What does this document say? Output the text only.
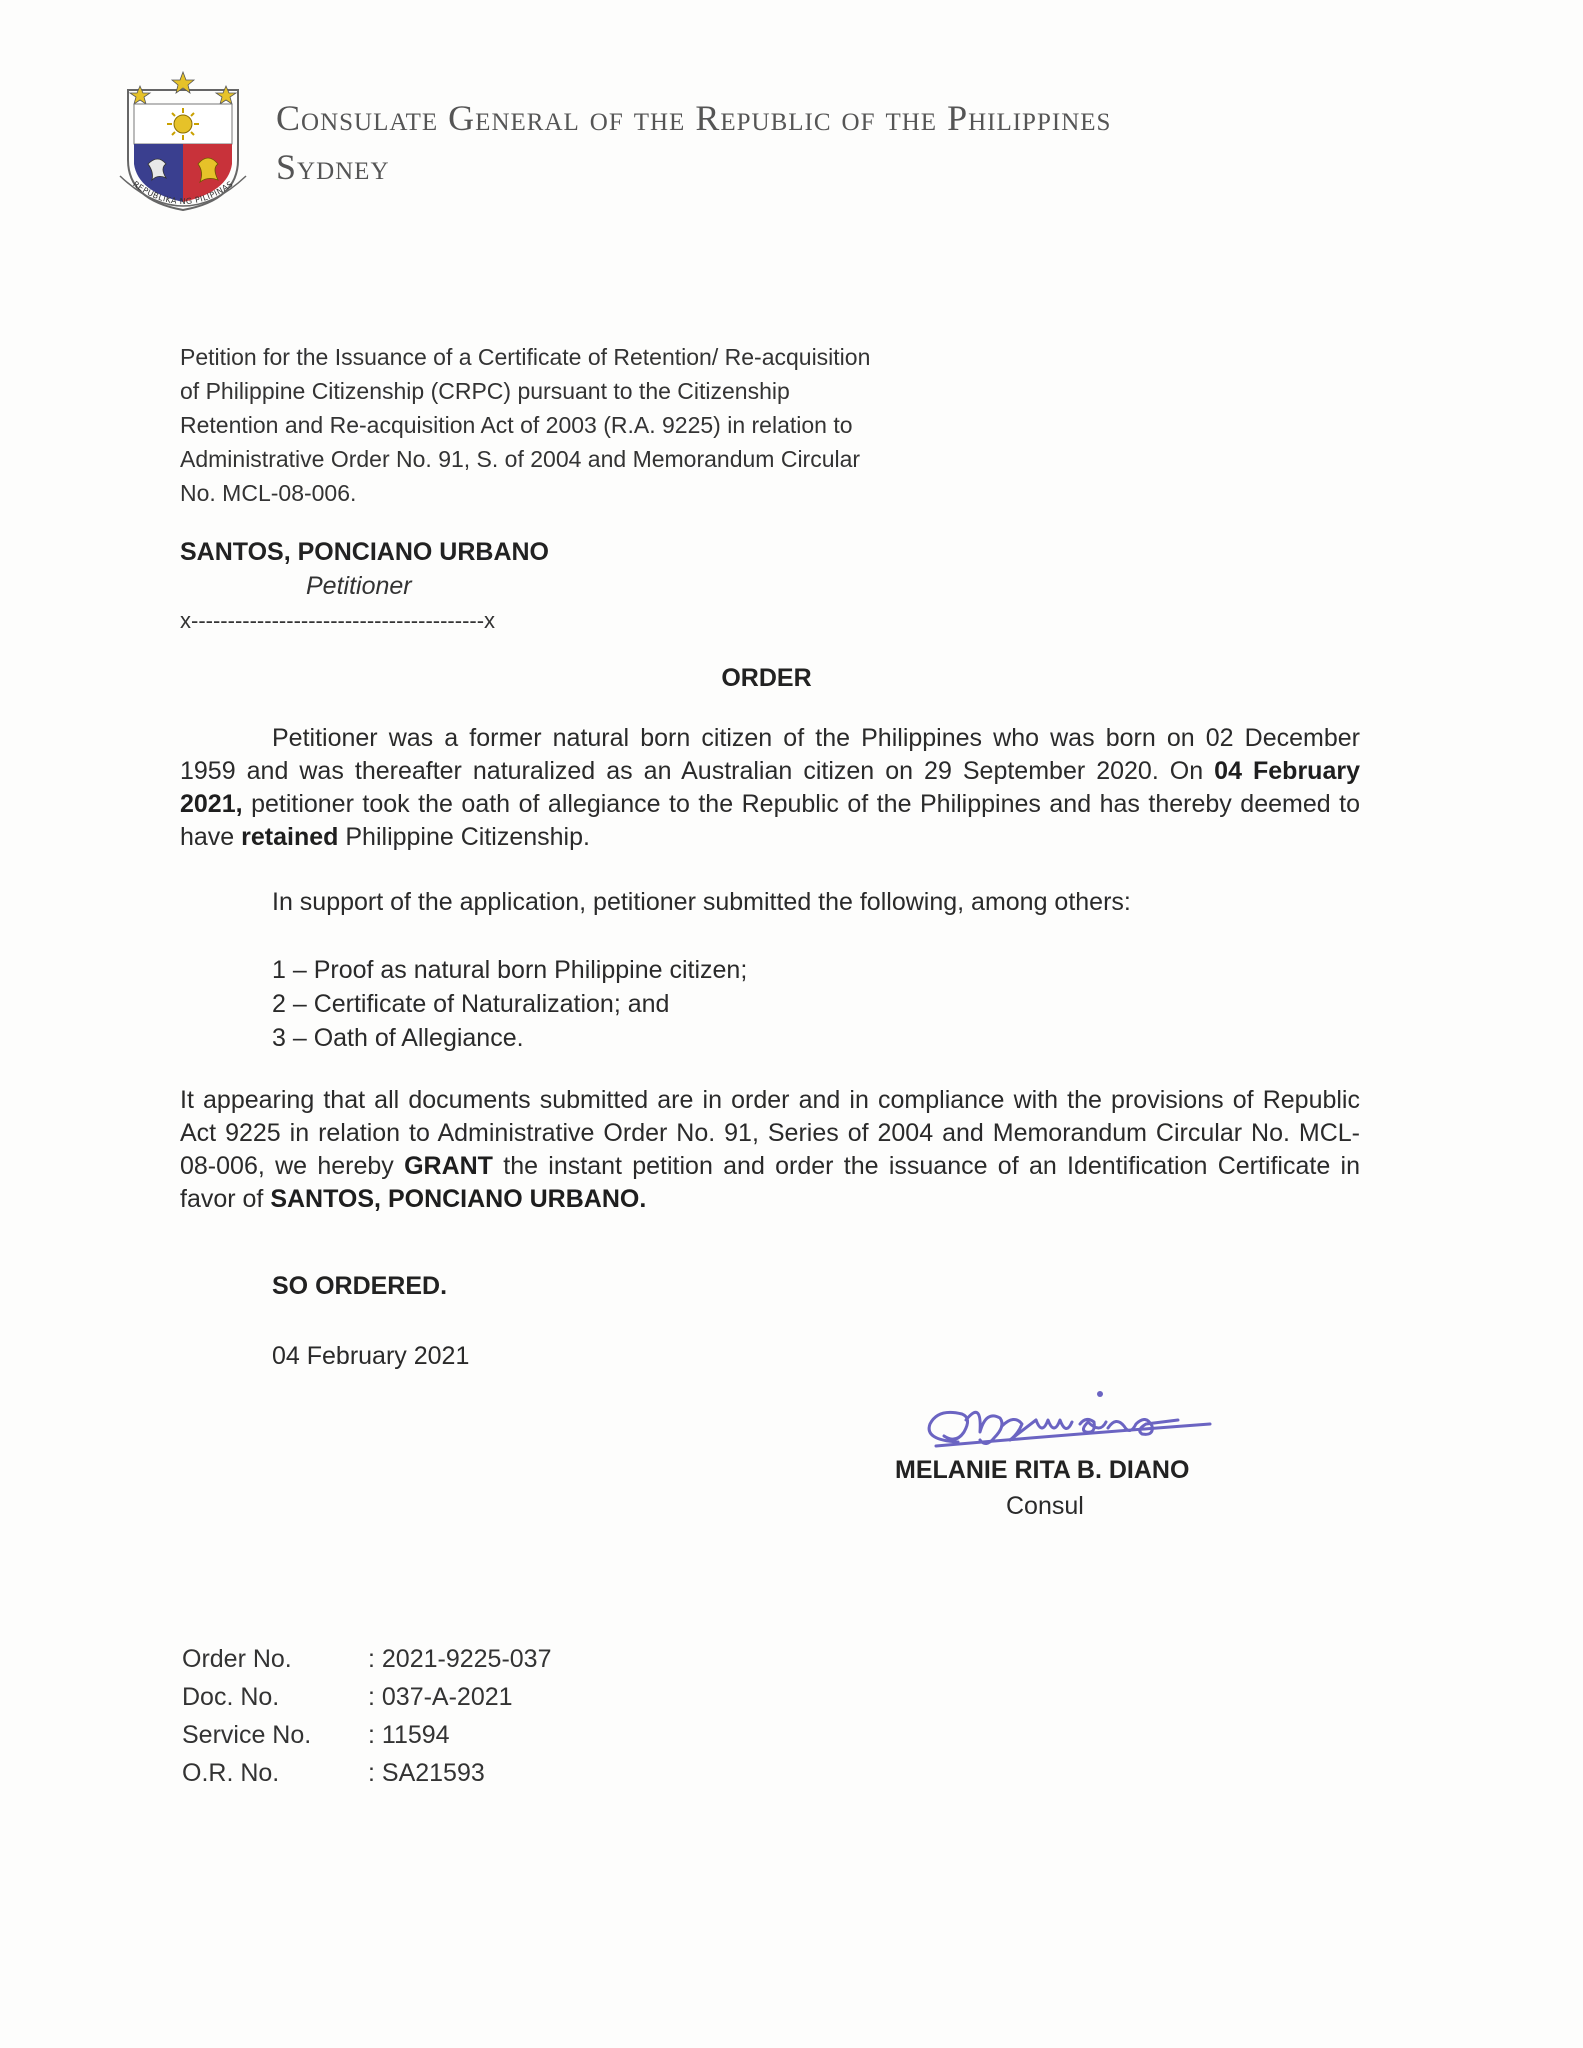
REPUBLIKA NG PILIPINAS
Consulate General of the Republic of the Philippines
Sydney
Petition for the Issuance of a Certificate of Retention/ Re-acquisition of Philippine Citizenship (CRPC) pursuant to the Citizenship Retention and Re-acquisition Act of 2003 (R.A. 9225) in relation to Administrative Order No. 91, S. of 2004 and Memorandum Circular No. MCL-08-006.
SANTOS, PONCIANO URBANO
Petitioner
x----------------------------------------x
ORDER
Petitioner was a former natural born citizen of the Philippines who was born on 02 December 1959 and was thereafter naturalized as an Australian citizen on 29 September 2020. On 04 February 2021, petitioner took the oath of allegiance to the Republic of the Philippines and has thereby deemed to have retained Philippine Citizenship.
In support of the application, petitioner submitted the following, among others:
1 – Proof as natural born Philippine citizen;
2 – Certificate of Naturalization; and
3 – Oath of Allegiance.
It appearing that all documents submitted are in order and in compliance with the provisions of Republic Act 9225 in relation to Administrative Order No. 91, Series of 2004 and Memorandum Circular No. MCL-08-006, we hereby GRANT the instant petition and order the issuance of an Identification Certificate in favor of SANTOS, PONCIANO URBANO.
SO ORDERED.
04 February 2021
MELANIE RITA B. DIANO
Consul
Order No.	: 2021-9225-037
Doc. No.	: 037-A-2021
Service No.	: 11594
O.R. No.	: SA21593
